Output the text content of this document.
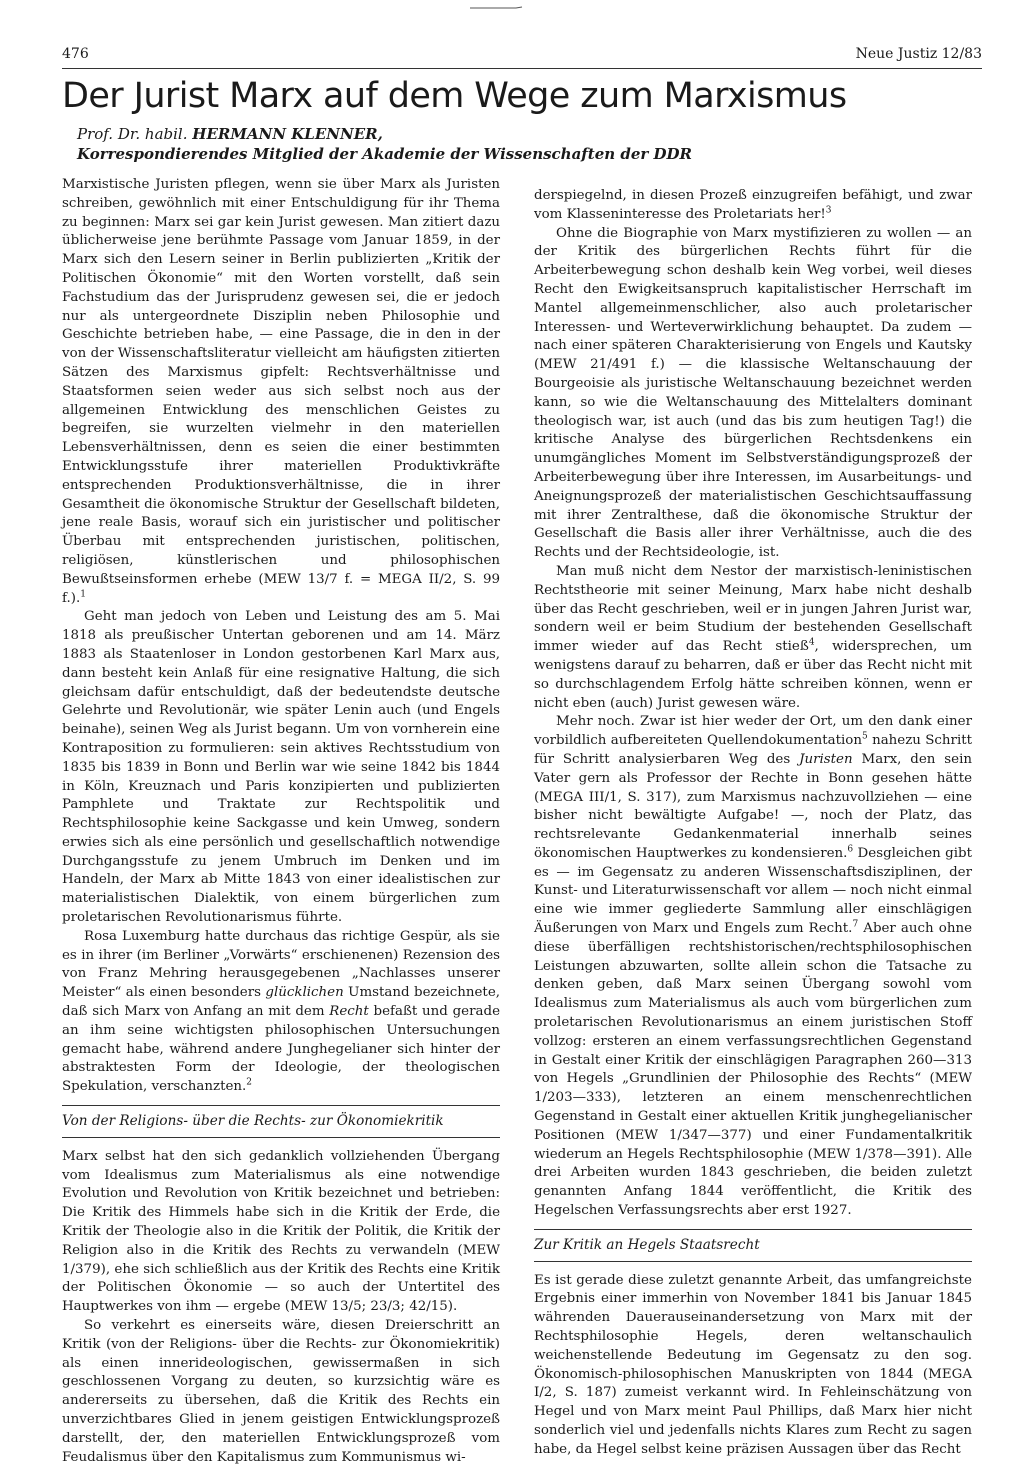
476	Neue Justiz 12/83
Der Jurist Marx auf dem Wege zum Marxismus
Prof. Dr. habil. HERMANN KLENNER,
Korrespondierendes Mitglied der Akademie der Wissenschaften der DDR

Marxistische Juristen pflegen, wenn sie über Marx als Juristen schreiben, gewöhnlich mit einer Entschuldigung für ihr Thema zu beginnen: Marx sei gar kein Jurist gewesen. Man zitiert dazu üblicherweise jene berühmte Passage vom Januar 1859, in der Marx sich den Lesern seiner in Berlin publizierten „Kritik der Politischen Ökonomie“ mit den Worten vorstellt, daß sein Fachstudium das der Jurisprudenz gewesen sei, die er jedoch nur als untergeordnete Disziplin neben Philosophie und Geschichte betrieben habe, — eine Passage, die in den in der von der Wissenschaftsliteratur vielleicht am häufigsten zitierten Sätzen des Marxismus gipfelt: Rechtsverhältnisse und Staatsformen seien weder aus sich selbst noch aus der allgemeinen Entwicklung des menschlichen Geistes zu begreifen, sie wurzelten vielmehr in den materiellen Lebensverhältnissen, denn es seien die einer bestimmten Entwicklungsstufe ihrer materiellen Produktivkräfte entsprechenden Produktionsverhältnisse, die in ihrer Gesamtheit die ökonomische Struktur der Gesellschaft bildeten, jene reale Basis, worauf sich ein juristischer und politischer Überbau mit entsprechenden juristischen, politischen, religiösen, künstlerischen und philosophischen Bewußtseinsformen erhebe (MEW 13/7 f. = MEGA II/2, S. 99 f.).$^1$

Geht man jedoch von Leben und Leistung des am 5. Mai 1818 als preußischer Untertan geborenen und am 14. März 1883 als Staatenloser in London gestorbenen Karl Marx aus, dann besteht kein Anlaß für eine resignative Haltung, die sich gleichsam dafür entschuldigt, daß der bedeutendste deutsche Gelehrte und Revolutionär, wie später Lenin auch (und Engels beinahe), seinen Weg als Jurist begann. Um von vornherein eine Kontraposition zu formulieren: sein aktives Rechtsstudium von 1835 bis 1839 in Bonn und Berlin war wie seine 1842 bis 1844 in Köln, Kreuznach und Paris konzipierten und publizierten Pamphlete und Traktate zur Rechtspolitik und Rechtsphilosophie keine Sackgasse und kein Umweg, sondern erwies sich als eine persönlich und gesellschaftlich notwendige Durchgangsstufe zu jenem Umbruch im Denken und im Handeln, der Marx ab Mitte 1843 von einer idealistischen zur materialistischen Dialektik, von einem bürgerlichen zum proletarischen Revolutionarismus führte.

Rosa Luxemburg hatte durchaus das richtige Gespür, als sie es in ihrer (im Berliner „Vorwärts“ erschienenen) Rezension des von Franz Mehring herausgegebenen „Nachlasses unserer Meister“ als einen besonders glücklichen Umstand bezeichnete, daß sich Marx von Anfang an mit dem Recht befaßt und gerade an ihm seine wichtigsten philosophischen Untersuchungen gemacht habe, während andere Junghegelianer sich hinter der abstraktesten Form der Ideologie, der theologischen Spekulation, verschanzten.$^2$

Von der Religions- über die Rechts- zur Ökonomiekritik

Marx selbst hat den sich gedanklich vollziehenden Übergang vom Idealismus zum Materialismus als eine notwendige Evolution und Revolution von Kritik bezeichnet und betrieben: Die Kritik des Himmels habe sich in die Kritik der Erde, die Kritik der Theologie also in die Kritik der Politik, die Kritik der Religion also in die Kritik des Rechts zu verwandeln (MEW 1/379), ehe sich schließlich aus der Kritik des Rechts eine Kritik der Politischen Ökonomie — so auch der Untertitel des Hauptwerkes von ihm — ergebe (MEW 13/5; 23/3; 42/15).

So verkehrt es einerseits wäre, diesen Dreierschritt an Kritik (von der Religions- über die Rechts- zur Ökonomiekritik) als einen innerideologischen, gewissermaßen in sich geschlossenen Vorgang zu deuten, so kurzsichtig wäre es andererseits zu übersehen, daß die Kritik des Rechts ein unverzichtbares Glied in jenem geistigen Entwicklungsprozeß darstellt, der, den materiellen Entwicklungsprozeß vom Feudalismus über den Kapitalismus zum Kommunismus wi-

derspiegelnd, in diesen Prozeß einzugreifen befähigt, und zwar vom Klasseninteresse des Proletariats her!$^3$

Ohne die Biographie von Marx mystifizieren zu wollen — an der Kritik des bürgerlichen Rechts führt für die Arbeiterbewegung schon deshalb kein Weg vorbei, weil dieses Recht den Ewigkeitsanspruch kapitalistischer Herrschaft im Mantel allgemeinmenschlicher, also auch proletarischer Interessen- und Werteverwirklichung behauptet. Da zudem — nach einer späteren Charakterisierung von Engels und Kautsky (MEW 21/491 f.) — die klassische Weltanschauung der Bourgeoisie als juristische Weltanschauung bezeichnet werden kann, so wie die Weltanschauung des Mittelalters dominant theologisch war, ist auch (und das bis zum heutigen Tag!) die kritische Analyse des bürgerlichen Rechtsdenkens ein unumgängliches Moment im Selbstverständigungsprozeß der Arbeiterbewegung über ihre Interessen, im Ausarbeitungs- und Aneignungsprozeß der materialistischen Geschichtsauffassung mit ihrer Zentralthese, daß die ökonomische Struktur der Gesellschaft die Basis aller ihrer Verhältnisse, auch die des Rechts und der Rechtsideologie, ist.

Man muß nicht dem Nestor der marxistisch-leninistischen Rechtstheorie mit seiner Meinung, Marx habe nicht deshalb über das Recht geschrieben, weil er in jungen Jahren Jurist war, sondern weil er beim Studium der bestehenden Gesellschaft immer wieder auf das Recht stieß$^4$, widersprechen, um wenigstens darauf zu beharren, daß er über das Recht nicht mit so durchschlagendem Erfolg hätte schreiben können, wenn er nicht eben (auch) Jurist gewesen wäre.

Mehr noch. Zwar ist hier weder der Ort, um den dank einer vorbildlich aufbereiteten Quellendokumentation$^5$ nahezu Schritt für Schritt analysierbaren Weg des Juristen Marx, den sein Vater gern als Professor der Rechte in Bonn gesehen hätte (MEGA III/1, S. 317), zum Marxismus nachzuvollziehen — eine bisher nicht bewältigte Aufgabe! —, noch der Platz, das rechtsrelevante Gedankenmaterial innerhalb seines ökonomischen Hauptwerkes zu kondensieren.$^6$ Desgleichen gibt es — im Gegensatz zu anderen Wissenschaftsdisziplinen, der Kunst- und Literaturwissenschaft vor allem — noch nicht einmal eine wie immer gegliederte Sammlung aller einschlägigen Äußerungen von Marx und Engels zum Recht.$^7$ Aber auch ohne diese überfälligen rechtshistorischen/rechtsphilosophischen Leistungen abzuwarten, sollte allein schon die Tatsache zu denken geben, daß Marx seinen Übergang sowohl vom Idealismus zum Materialismus als auch vom bürgerlichen zum proletarischen Revolutionarismus an einem juristischen Stoff vollzog: ersteren an einem verfassungsrechtlichen Gegenstand in Gestalt einer Kritik der einschlägigen Paragraphen 260—313 von Hegels „Grundlinien der Philosophie des Rechts“ (MEW 1/203—333), letzteren an einem menschenrechtlichen Gegenstand in Gestalt einer aktuellen Kritik junghegelianischer Positionen (MEW 1/347—377) und einer Fundamentalkritik wiederum an Hegels Rechtsphilosophie (MEW 1/378—391). Alle drei Arbeiten wurden 1843 geschrieben, die beiden zuletzt genannten Anfang 1844 veröffentlicht, die Kritik des Hegelschen Verfassungsrechts aber erst 1927.

Zur Kritik an Hegels Staatsrecht

Es ist gerade diese zuletzt genannte Arbeit, das umfangreichste Ergebnis einer immerhin von November 1841 bis Januar 1845 währenden Dauerauseinandersetzung von Marx mit der Rechtsphilosophie Hegels, deren weltanschaulich weichenstellende Bedeutung im Gegensatz zu den sog. Ökonomisch-philosophischen Manuskripten von 1844 (MEGA I/2, S. 187) zumeist verkannt wird. In Fehleinschätzung von Hegel und von Marx meint Paul Phillips, daß Marx hier nicht sonderlich viel und jedenfalls nichts Klares zum Recht zu sagen habe, da Hegel selbst keine präzisen Aussagen über das Recht
